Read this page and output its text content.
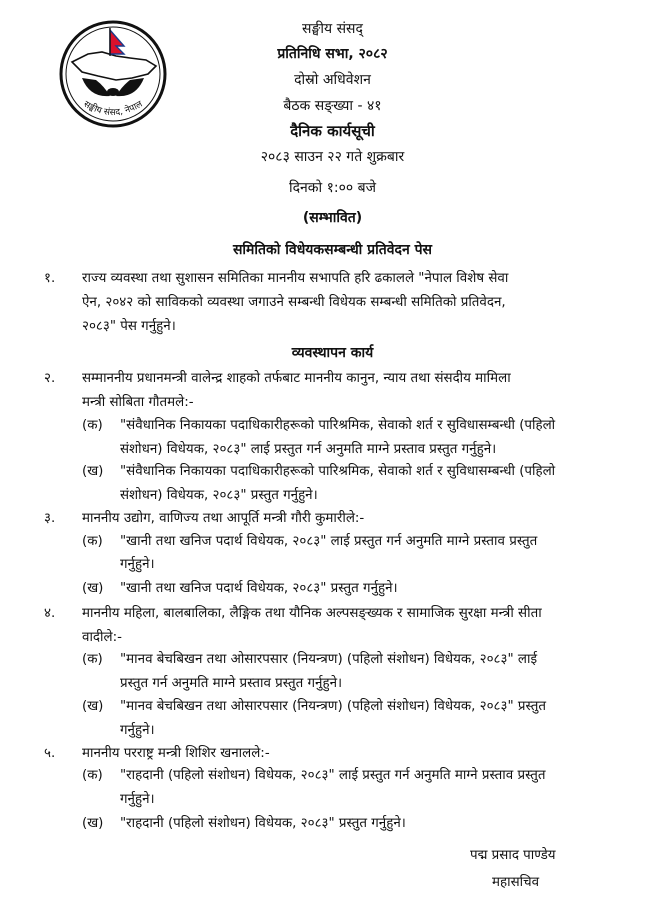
सङ्घीय संसद, नेपाल
सङ्घीय संसद्
प्रतिनिधि सभा, २०८२
दोस्रो अधिवेशन
बैठक सङ्ख्या - ४१
दैनिक कार्यसूची
२०८३ साउन २२ गते शुक्रबार
दिनको १:०० बजे
(सम्भावित)
समितिको विधेयकसम्बन्धी प्रतिवेदन पेस
१. राज्य व्यवस्था तथा सुशासन समितिका माननीय सभापति हरि ढकालले "नेपाल विशेष सेवा
ऐन, २०४२ को साविकको व्यवस्था जगाउने सम्बन्धी विधेयक सम्बन्धी समितिको प्रतिवेदन,
२०८३" पेस गर्नुहुने।
व्यवस्थापन कार्य
२. सम्माननीय प्रधानमन्त्री वालेन्द्र शाहको तर्फबाट माननीय कानुन, न्याय तथा संसदीय मामिला
मन्त्री सोबिता गौतमले:-
(क) "संवैधानिक निकायका पदाधिकारीहरूको पारिश्रमिक, सेवाको शर्त र सुविधासम्बन्धी (पहिलो
संशोधन) विधेयक, २०८३" लाई प्रस्तुत गर्न अनुमति माग्ने प्रस्ताव प्रस्तुत गर्नुहुने।
(ख) "संवैधानिक निकायका पदाधिकारीहरूको पारिश्रमिक, सेवाको शर्त र सुविधासम्बन्धी (पहिलो
संशोधन) विधेयक, २०८३" प्रस्तुत गर्नुहुने।
३. माननीय उद्योग, वाणिज्य तथा आपूर्ति मन्त्री गौरी कुमारीले:-
(क) "खानी तथा खनिज पदार्थ विधेयक, २०८३" लाई प्रस्तुत गर्न अनुमति माग्ने प्रस्ताव प्रस्तुत
गर्नुहुने।
(ख) "खानी तथा खनिज पदार्थ विधेयक, २०८३" प्रस्तुत गर्नुहुने।
४. माननीय महिला, बालबालिका, लैङ्गिक तथा यौनिक अल्पसङ्ख्यक र सामाजिक सुरक्षा मन्त्री सीता
वादीले:-
(क) "मानव बेचबिखन तथा ओसारपसार (नियन्त्रण) (पहिलो संशोधन) विधेयक, २०८३" लाई
प्रस्तुत गर्न अनुमति माग्ने प्रस्ताव प्रस्तुत गर्नुहुने।
(ख) "मानव बेचबिखन तथा ओसारपसार (नियन्त्रण) (पहिलो संशोधन) विधेयक, २०८३" प्रस्तुत
गर्नुहुने।
५. माननीय परराष्ट्र मन्त्री शिशिर खनालले:-
(क) "राहदानी (पहिलो संशोधन) विधेयक, २०८३" लाई प्रस्तुत गर्न अनुमति माग्ने प्रस्ताव प्रस्तुत
गर्नुहुने।
(ख) "राहदानी (पहिलो संशोधन) विधेयक, २०८३" प्रस्तुत गर्नुहुने।
पद्म प्रसाद पाण्डेय
महासचिव
